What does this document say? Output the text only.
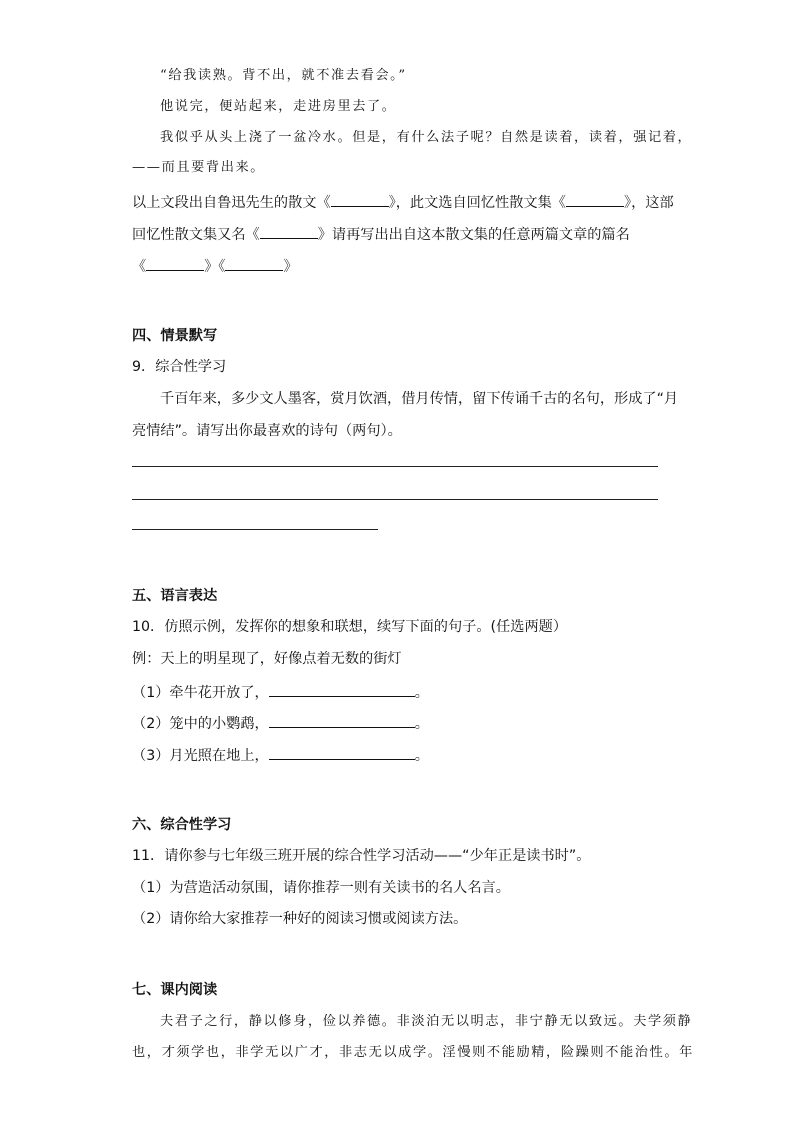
“给我读熟。背不出，就不准去看会。”
他说完，便站起来，走进房里去了。
我似乎从头上浇了一盆冷水。但是，有什么法子呢？自然是读着，读着，强记着，
——而且要背出来。
以上文段出自鲁迅先生的散文《	》，此文选自回忆性散文集《	》，这部
回忆性散文集又名《	》请再写出出自这本散文集的任意两篇文章的篇名
《	》《	》
四、情景默写
9．综合性学习
千百年来，多少文人墨客，赏月饮酒，借月传情，留下传诵千古的名句，形成了“月
亮情结”。请写出你最喜欢的诗句（两句）。
五、语言表达
10．仿照示例，发挥你的想象和联想，续写下面的句子。(任选两题）
例：天上的明星现了，好像点着无数的街灯
（1）牵牛花开放了，	。
（2）笼中的小鹦鹉，	。
（3）月光照在地上，	。
六、综合性学习
11．请你参与七年级三班开展的综合性学习活动——“少年正是读书时”。
（1）为营造活动氛围，请你推荐一则有关读书的名人名言。
（2）请你给大家推荐一种好的阅读习惯或阅读方法。
七、课内阅读
夫君子之行，静以修身，俭以养德。非淡泊无以明志，非宁静无以致远。夫学须静
也，才须学也，非学无以广才，非志无以成学。淫慢则不能励精，险躁则不能治性。年
